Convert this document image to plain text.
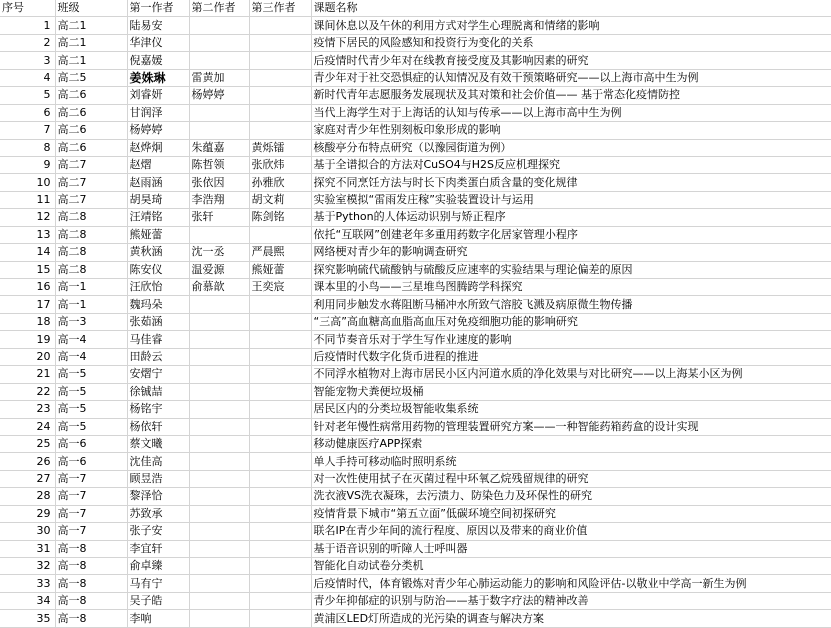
序号	班级	第一作者	第二作者	第三作者	课题名称
1	高二1	陆易安			课间休息以及午休的利用方式对学生心理脱离和情绪的影响
2	高二1	华津仪			疫情下居民的风险感知和投资行为变化的关系
3	高二1	倪嘉媛			后疫情时代青少年对在线教育接受度及其影响因素的研究
4	高二5	姜姝琳	雷黄加		青少年对于社交恐惧症的认知情况及有效干预策略研究——以上海市高中生为例
5	高二6	刘睿妍	杨婷婷		新时代青年志愿服务发展现状及其对策和社会价值—— 基于常态化疫情防控
6	高二6	甘润泽			当代上海学生对于上海话的认知与传承——以上海市高中生为例
7	高二6	杨婷婷			家庭对青少年性别刻板印象形成的影响
8	高二6	赵烨炯	朱蕴嘉	黄烁镭	核酸亭分布特点研究（以豫园街道为例）
9	高二7	赵熠	陈哲领	张欣炜	基于全谱拟合的方法对CuSO4与H2S反应机理探究
10	高二7	赵雨涵	张依因	孙雅欣	探究不同烹饪方法与时长下肉类蛋白质含量的变化规律
11	高二7	胡昊琦	李浩翔	胡文莉	实验室模拟“雷雨发庄稼”实验装置设计与运用
12	高二8	汪靖铭	张轩	陈剑铭	基于Python的人体运动识别与矫正程序
13	高二8	熊娅蕾			依托“互联网”创建老年多重用药数字化居家管理小程序
14	高二8	黄秋涵	沈一丞	严晨熙	网络梗对青少年的影响调查研究
15	高二8	陈安仪	温爱源	熊娅蕾	探究影响硫代硫酸钠与硫酸反应速率的实验结果与理论偏差的原因
16	高一1	汪欣怡	俞慕歆	王奕宸	课本里的小鸟——三星堆鸟图腾跨学科探究
17	高一1	魏玛朵			利用同步触发水蒋阻断马桶冲水所致气溶胶飞溅及病原微生物传播
18	高一3	张茹涵			“三高”高血糖高血脂高血压对免疫细胞功能的影响研究
19	高一4	马佳睿			不同节奏音乐对于学生写作业速度的影响
20	高一4	田龄云			后疫情时代数字化货币进程的推进
21	高一5	安熠宁			不同浮水植物对上海市居民小区内河道水质的净化效果与对比研究——以上海某小区为例
22	高一5	徐铖喆			智能宠物犬粪便垃圾桶
23	高一5	杨铭宇			居民区内的分类垃圾智能收集系统
24	高一5	杨依轩			针对老年慢性病常用药物的管理装置研究方案——一种智能药箱药盒的设计实现
25	高一6	蔡文曦			移动健康医疗APP探索
26	高一6	沈佳高			单人手持可移动临时照明系统
27	高一7	顾昱浩			对一次性使用拭子在灭菌过程中环氧乙烷残留规律的研究
28	高一7	黎泽恰			洗衣液VS洗衣凝珠，去污渍力、防染色力及环保性的研究
29	高一7	苏致承			疫情背景下城市“第五立面”低碳环境空间初探研究
30	高一7	张子安			联名IP在青少年间的流行程度、原因以及带来的商业价值
31	高一8	李宜轩			基于语音识别的听障人士呼叫器
32	高一8	俞卓臻			智能化自动试卷分类机
33	高一8	马有宁			后疫情时代，体育锻炼对青少年心肺运动能力的影响和风险评估-以敬业中学高一新生为例
34	高一8	吴子皓			青少年抑郁症的识别与防治——基于数字疗法的精神改善
35	高一8	李响			黄浦区LED灯所造成的光污染的调查与解决方案
